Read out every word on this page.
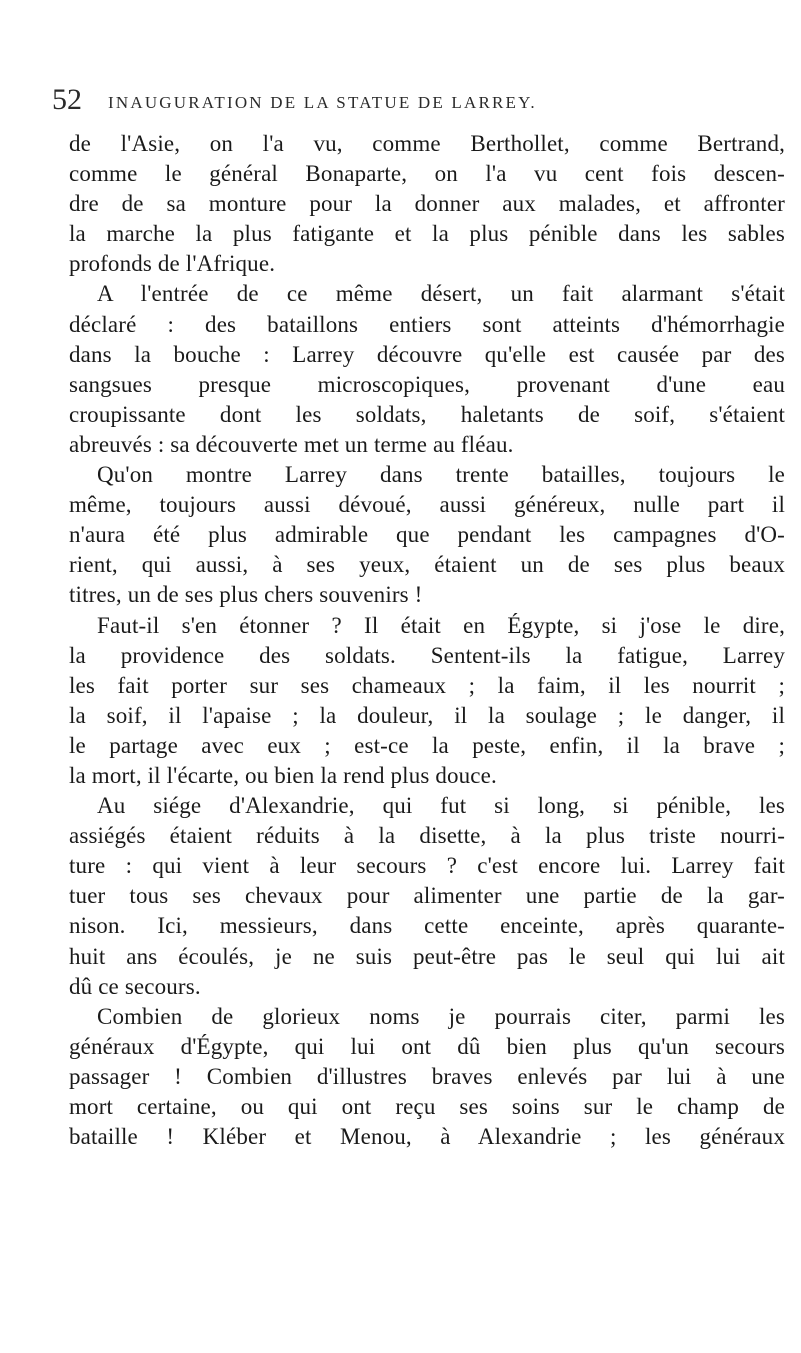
52 INAUGURATION DE LA STATUE DE LARREY.
de l'Asie, on l'a vu, comme Berthollet, comme Bertrand,
comme le général Bonaparte, on l'a vu cent fois descen-
dre de sa monture pour la donner aux malades, et affronter
la marche la plus fatigante et la plus pénible dans les sables
profonds de l'Afrique.
A l'entrée de ce même désert, un fait alarmant s'était
déclaré : des bataillons entiers sont atteints d'hémorrhagie
dans la bouche : Larrey découvre qu'elle est causée par des
sangsues presque microscopiques, provenant d'une eau
croupissante dont les soldats, haletants de soif, s'étaient
abreuvés : sa découverte met un terme au fléau.
Qu'on montre Larrey dans trente batailles, toujours le
même, toujours aussi dévoué, aussi généreux, nulle part il
n'aura été plus admirable que pendant les campagnes d'O-
rient, qui aussi, à ses yeux, étaient un de ses plus beaux
titres, un de ses plus chers souvenirs !
Faut-il s'en étonner ? Il était en Égypte, si j'ose le dire,
la providence des soldats. Sentent-ils la fatigue, Larrey
les fait porter sur ses chameaux ; la faim, il les nourrit ;
la soif, il l'apaise ; la douleur, il la soulage ; le danger, il
le partage avec eux ; est-ce la peste, enfin, il la brave ;
la mort, il l'écarte, ou bien la rend plus douce.
Au siége d'Alexandrie, qui fut si long, si pénible, les
assiégés étaient réduits à la disette, à la plus triste nourri-
ture : qui vient à leur secours ? c'est encore lui. Larrey fait
tuer tous ses chevaux pour alimenter une partie de la gar-
nison. Ici, messieurs, dans cette enceinte, après quarante-
huit ans écoulés, je ne suis peut-être pas le seul qui lui ait
dû ce secours.
Combien de glorieux noms je pourrais citer, parmi les
généraux d'Égypte, qui lui ont dû bien plus qu'un secours
passager ! Combien d'illustres braves enlevés par lui à une
mort certaine, ou qui ont reçu ses soins sur le champ de
bataille ! Kléber et Menou, à Alexandrie ; les généraux
